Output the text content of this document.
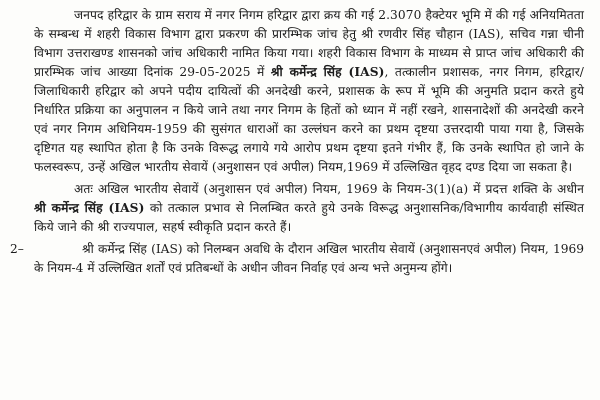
जनपद हरिद्वार के ग्राम सराय में नगर निगम हरिद्वार द्वारा क्रय की गई 2.3070 हैक्टेयर भूमि में की गई अनियमितता के सम्बन्ध में शहरी विकास विभाग द्वारा प्रकरण की प्रारम्भिक जांच हेतु श्री रणवीर सिंह चौहान (IAS), सचिव गन्ना चीनी विभाग उत्तराखण्ड शासनको जांच अधिकारी नामित किया गया। शहरी विकास विभाग के माध्यम से प्राप्त जांच अधिकारी की प्रारम्भिक जांच आख्या दिनांक 29-05-2025 में श्री कर्मेन्द्र सिंह (IAS), तत्कालीन प्रशासक, नगर निगम, हरिद्वार/जिलाधिकारी हरिद्वार को अपने पदीय दायित्वों की अनदेखी करने, प्रशासक के रूप में भूमि की अनुमति प्रदान करते हुये निर्धारित प्रक्रिया का अनुपालन न किये जाने तथा नगर निगम के हितों को ध्यान में नहीं रखने, शासनादेशों की अनदेखी करने एवं नगर निगम अधिनियम-1959 की सुसंगत धाराओं का उल्लंघन करने का प्रथम दृष्टया उत्तरदायी पाया गया है, जिसके दृष्टिगत यह स्थापित होता है कि उनके विरूद्ध लगाये गये आरोप प्रथम दृष्टया इतने गंभीर हैं, कि उनके स्थापित हो जाने के फलस्वरूप, उन्हें अखिल भारतीय सेवायें (अनुशासन एवं अपील) नियम,1969 में उल्लिखित वृहद दण्ड दिया जा सकता है।

अतः अखिल भारतीय सेवायें (अनुशासन एवं अपील) नियम, 1969 के नियम-3(1)(a) में प्रदत्त शक्ति के अधीन श्री कर्मेन्द्र सिंह (IAS) को तत्काल प्रभाव से निलम्बित करते हुये उनके विरूद्ध अनुशासनिक/विभागीय कार्यवाही संस्थित किये जाने की श्री राज्यपाल, सहर्ष स्वीकृति प्रदान करते हैं।

2–	श्री कर्मेन्द्र सिंह (IAS) को निलम्बन अवधि के दौरान अखिल भारतीय सेवायें (अनुशासनएवं अपील) नियम, 1969 के नियम-4 में उल्लिखित शर्तों एवं प्रतिबन्धों के अधीन जीवन निर्वाह एवं अन्य भत्ते अनुमन्य होंगे।
